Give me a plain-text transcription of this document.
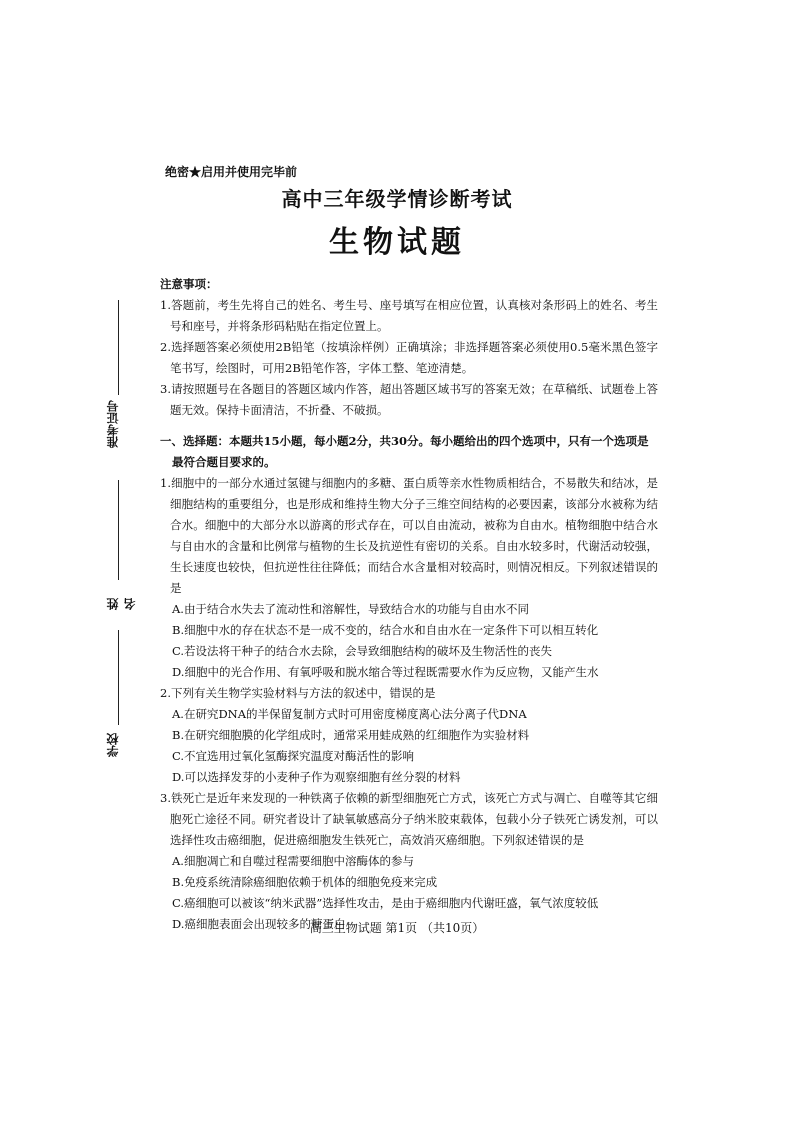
准考证号
姓名
学校
绝密★启用并使用完毕前
高中三年级学情诊断考试
生物试题

注意事项：

1.答题前，考生先将自己的姓名、考生号、座号填写在相应位置，认真核对条形码上的姓名、考生号和座号，并将条形码粘贴在指定位置上。

2.选择题答案必须使用2B铅笔（按填涂样例）正确填涂；非选择题答案必须使用0.5毫米黑色签字笔书写，绘图时，可用2B铅笔作答，字体工整、笔迹清楚。

3.请按照题号在各题目的答题区域内作答，超出答题区域书写的答案无效；在草稿纸、试题卷上答题无效。保持卡面清洁，不折叠、不破损。

一、选择题：本题共15小题，每小题2分，共30分。每小题给出的四个选项中，只有一个选项是最符合题目要求的。

1.细胞中的一部分水通过氢键与细胞内的多糖、蛋白质等亲水性物质相结合，不易散失和结冰，是细胞结构的重要组分，也是形成和维持生物大分子三维空间结构的必要因素，该部分水被称为结合水。细胞中的大部分水以游离的形式存在，可以自由流动，被称为自由水。植物细胞中结合水与自由水的含量和比例常与植物的生长及抗逆性有密切的关系。自由水较多时，代谢活动较强，生长速度也较快，但抗逆性往往降低；而结合水含量相对较高时，则情况相反。下列叙述错误的是

A.由于结合水失去了流动性和溶解性，导致结合水的功能与自由水不同

B.细胞中水的存在状态不是一成不变的，结合水和自由水在一定条件下可以相互转化

C.若设法将干种子的结合水去除，会导致细胞结构的破坏及生物活性的丧失

D.细胞中的光合作用、有氧呼吸和脱水缩合等过程既需要水作为反应物，又能产生水

2.下列有关生物学实验材料与方法的叙述中，错误的是

A.在研究DNA的半保留复制方式时可用密度梯度离心法分离子代DNA

B.在研究细胞膜的化学组成时，通常采用蛙成熟的红细胞作为实验材料

C.不宜选用过氧化氢酶探究温度对酶活性的影响

D.可以选择发芽的小麦种子作为观察细胞有丝分裂的材料

3.铁死亡是近年来发现的一种铁离子依赖的新型细胞死亡方式，该死亡方式与凋亡、自噬等其它细胞死亡途径不同。研究者设计了缺氧敏感高分子纳米胶束载体，包载小分子铁死亡诱发剂，可以选择性攻击癌细胞，促进癌细胞发生铁死亡，高效消灭癌细胞。下列叙述错误的是

A.细胞凋亡和自噬过程需要细胞中溶酶体的参与

B.免疫系统清除癌细胞依赖于机体的细胞免疫来完成

C.癌细胞可以被该“纳米武器”选择性攻击，是由于癌细胞内代谢旺盛，氧气浓度较低

D.癌细胞表面会出现较多的糖蛋白

高三生物试题 第1页 （共10页）
